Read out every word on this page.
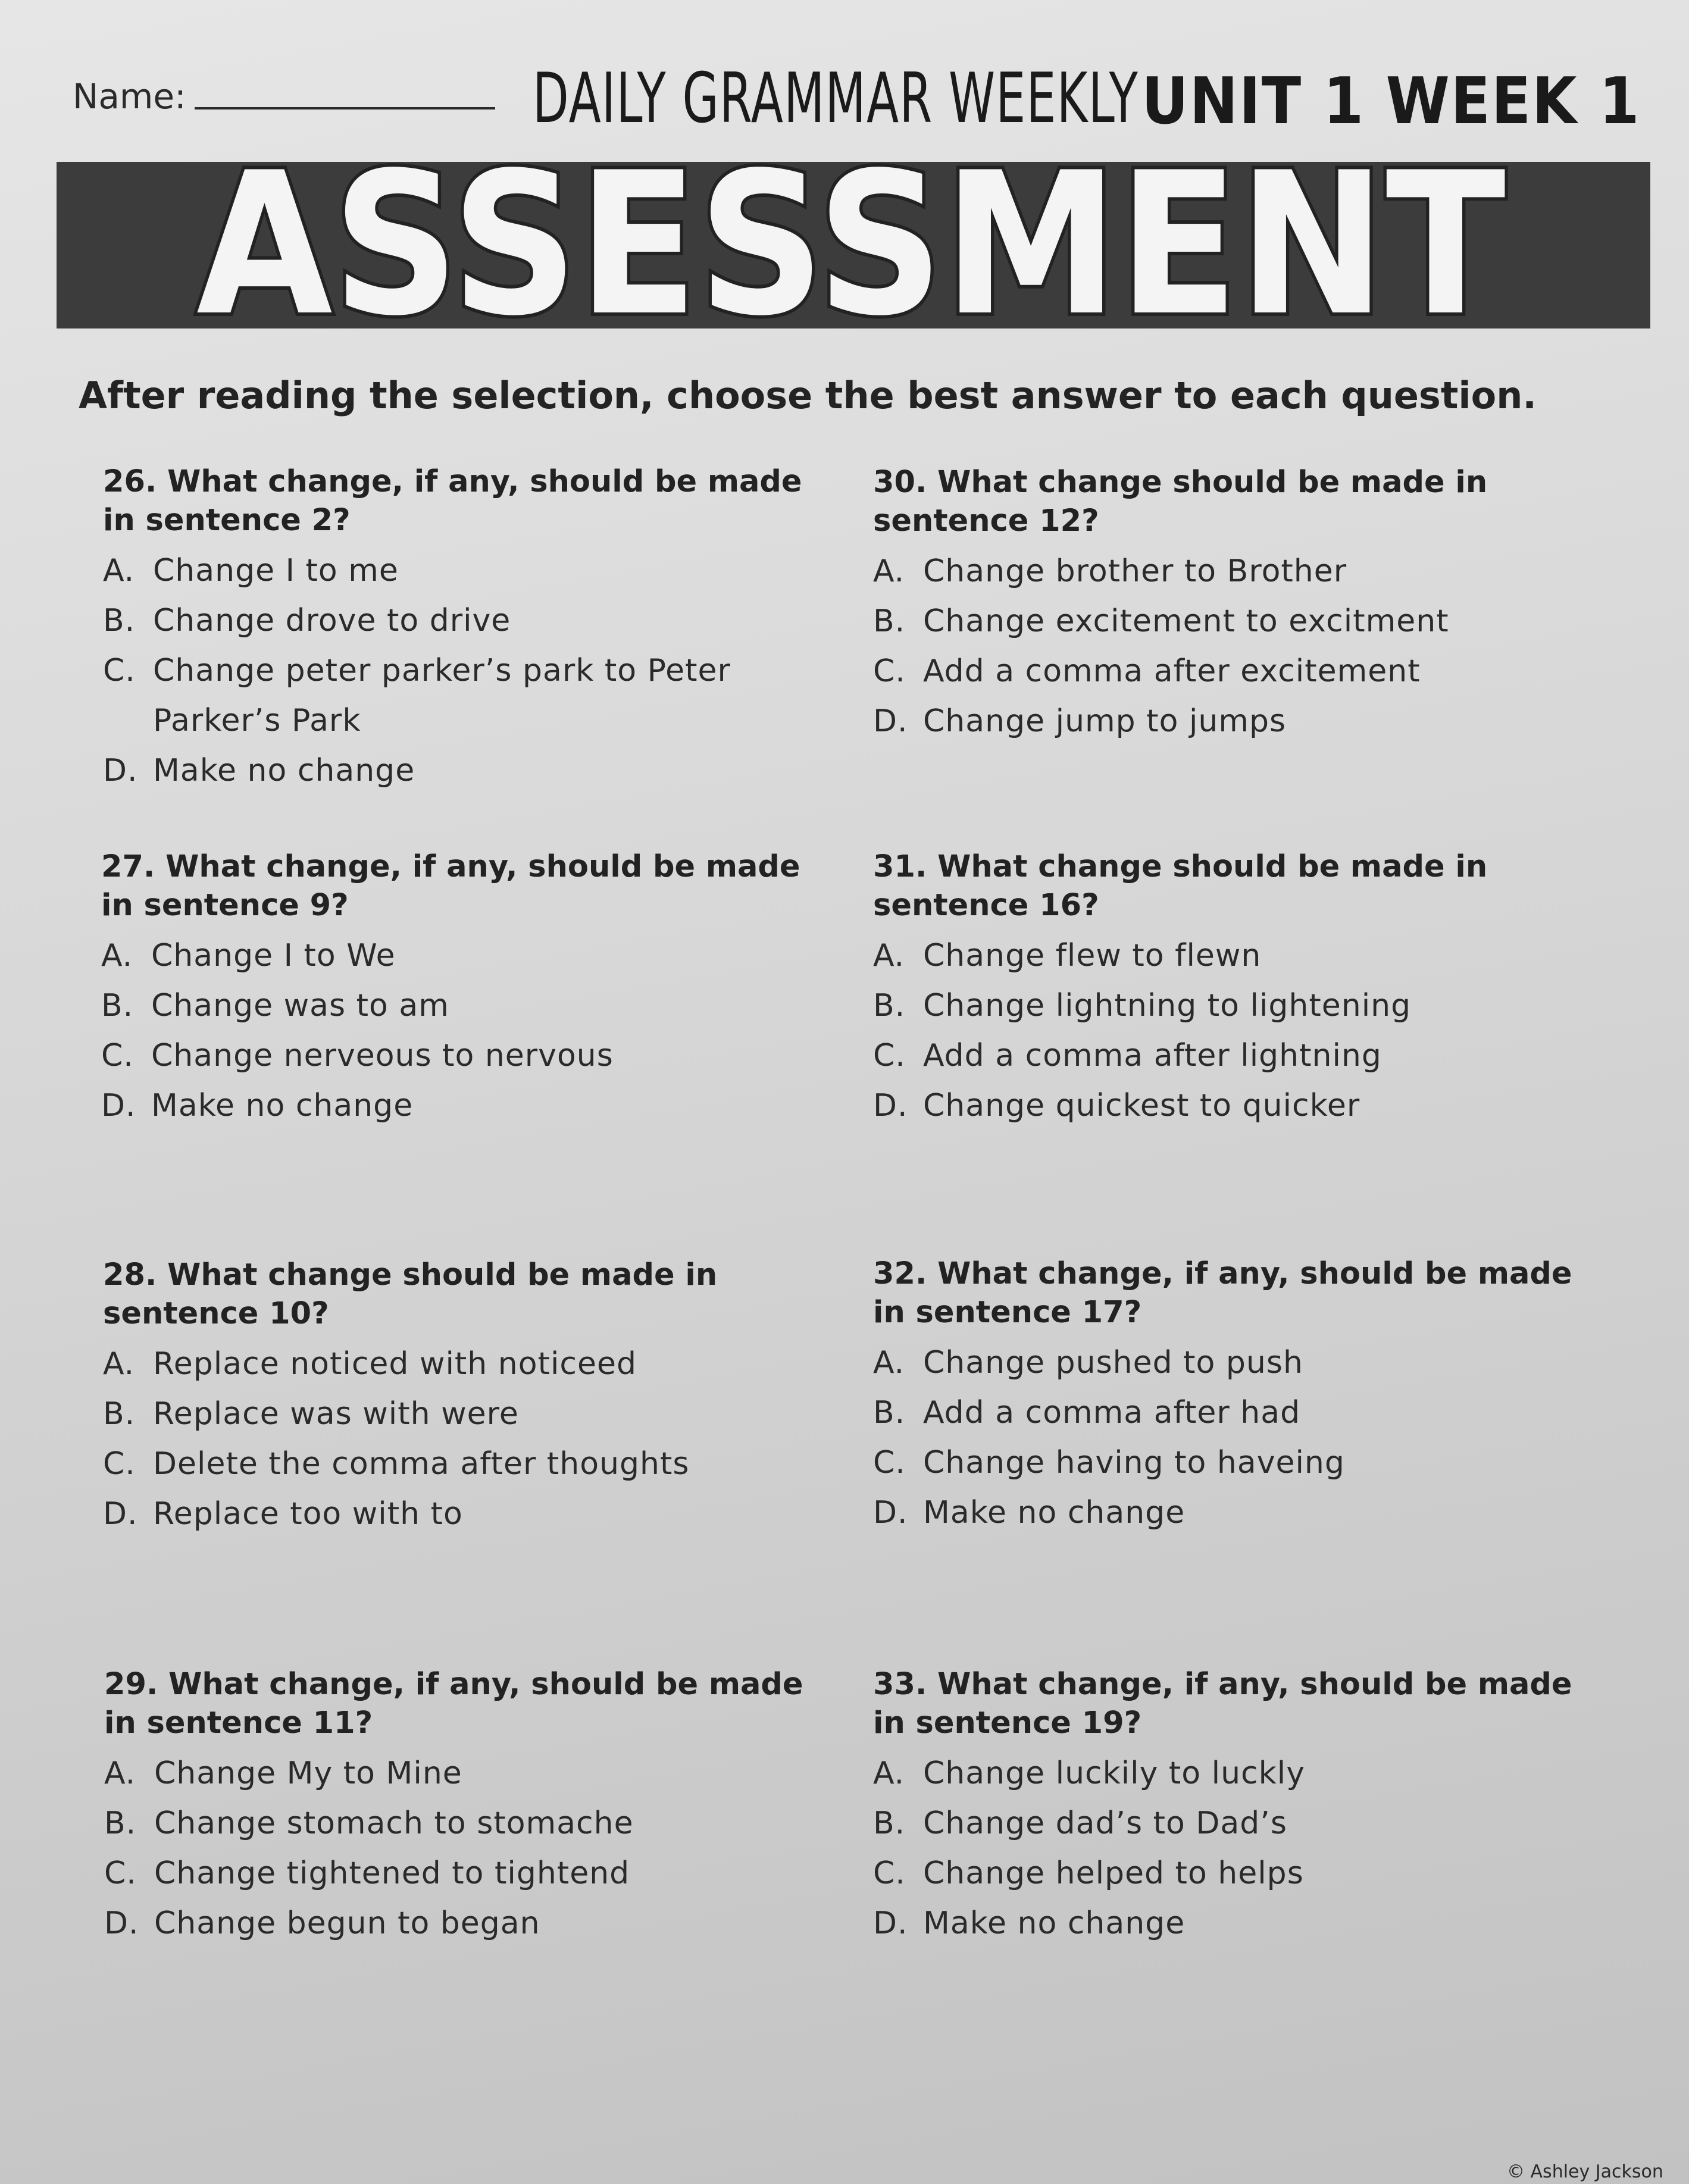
Name:	DAILY GRAMMAR WEEKLY UNIT 1 WEEK 1
ASSESSMENT
After reading the selection, choose the best answer to each question.

26. What change, if any, should be made in sentence 2?

A. Change I to me
B. Change drove to drive
C. Change peter parker’s park to Peter Parker’s Park
D. Make no change

27. What change, if any, should be made in sentence 9?

A. Change I to We
B. Change was to am
C. Change nerveous to nervous
D. Make no change

28. What change should be made in sentence 10?

A. Replace noticed with noticeed
B. Replace was with were
C. Delete the comma after thoughts
D. Replace too with to

29. What change, if any, should be made in sentence 11?

A. Change My to Mine
B. Change stomach to stomache
C. Change tightened to tightend
D. Change begun to began

30. What change should be made in sentence 12?

A. Change brother to Brother
B. Change excitement to excitment
C. Add a comma after excitement
D. Change jump to jumps

31. What change should be made in sentence 16?

A. Change flew to flewn
B. Change lightning to lightening
C. Add a comma after lightning
D. Change quickest to quicker

32. What change, if any, should be made in sentence 17?

A. Change pushed to push
B. Add a comma after had
C. Change having to haveing
D. Make no change

33. What change, if any, should be made in sentence 19?

A. Change luckily to luckly
B. Change dad’s to Dad’s
C. Change helped to helps
D. Make no change
© Ashley Jackson
